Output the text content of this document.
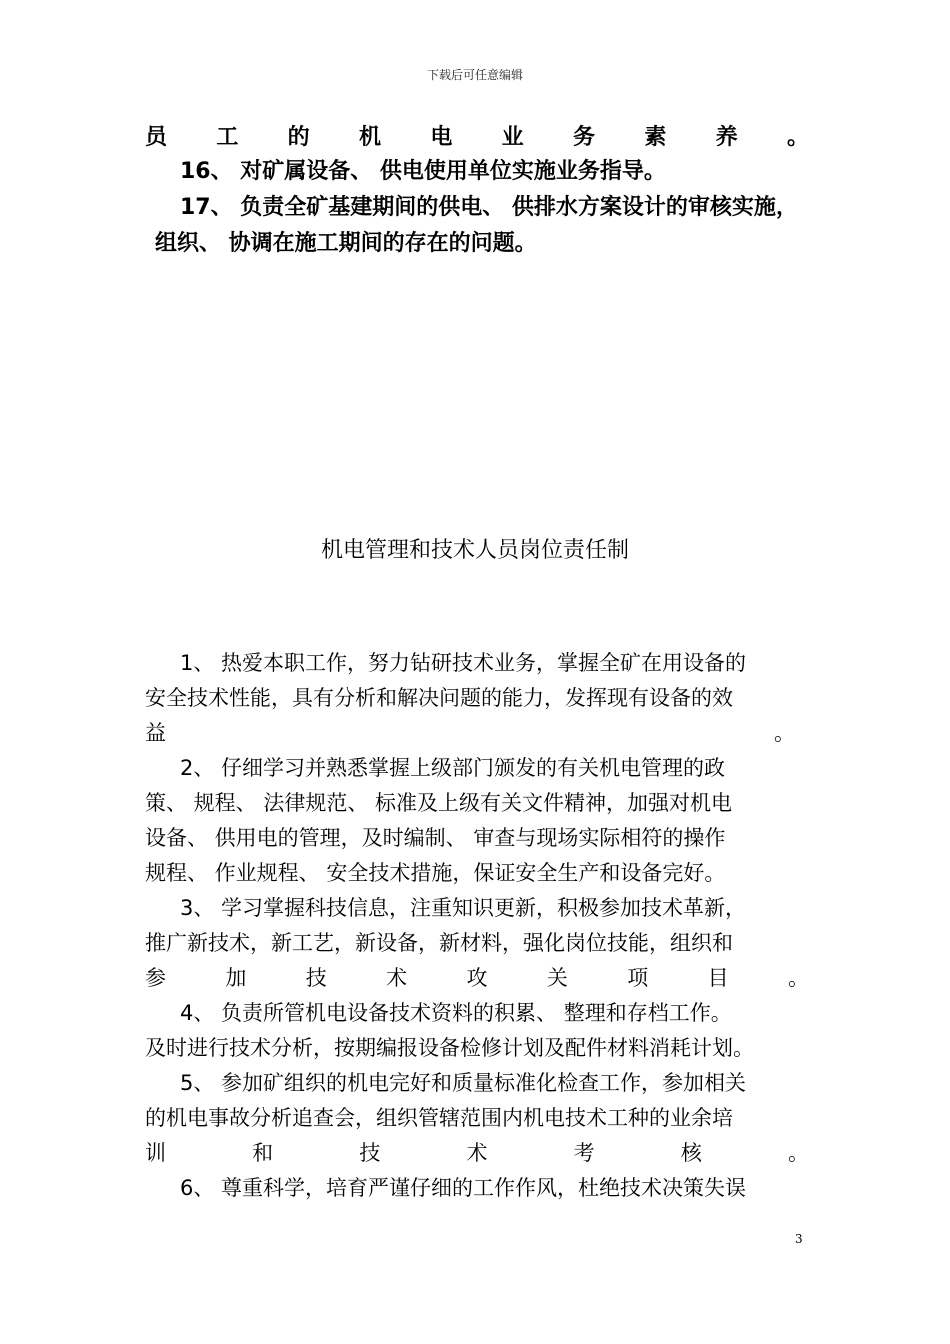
下载后可任意编辑
员 工 的 机 电 业 务 素 养 。
16、 对矿属设备、 供电使用单位实施业务指导。
17、 负责全矿基建期间的供电、 供排水方案设计的审核实施，
组织、 协调在施工期间的存在的问题。
机电管理和技术人员岗位责任制
1、 热爱本职工作，努力钻研技术业务，掌握全矿在用设备的
安全技术性能，具有分析和解决问题的能力，发挥现有设备的效
益	。
2、 仔细学习并熟悉掌握上级部门颁发的有关机电管理的政
策、 规程、 法律规范、 标准及上级有关文件精神，加强对机电
设备、 供用电的管理，及时编制、 审查与现场实际相符的操作
规程、 作业规程、 安全技术措施，保证安全生产和设备完好。
3、 学习掌握科技信息，注重知识更新，积极参加技术革新，
推广新技术，新工艺，新设备，新材料，强化岗位技能，组织和
参 加 技 术 攻 关 项 目 。
4、 负责所管机电设备技术资料的积累、 整理和存档工作。
及时进行技术分析，按期编报设备检修计划及配件材料消耗计划。
5、 参加矿组织的机电完好和质量标准化检查工作，参加相关
的机电事故分析追查会，组织管辖范围内机电技术工种的业余培
训 和 技 术 考 核 。
6、 尊重科学，培育严谨仔细的工作作风，杜绝技术决策失误
3
